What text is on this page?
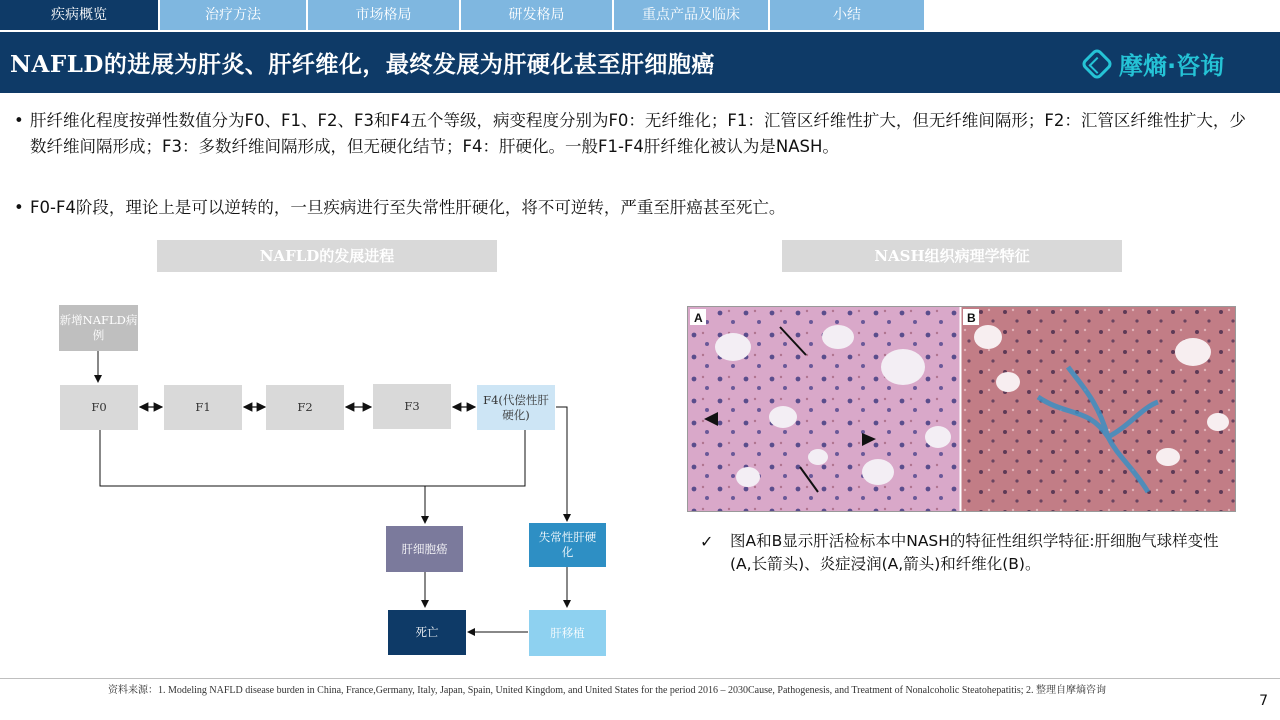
疾病概览	治疗方法	市场格局	研发格局	重点产品及临床	小结
NAFLD的进展为肝炎、肝纤维化，最终发展为肝硬化甚至肝细胞癌	摩熵·咨询
• 肝纤维化程度按弹性数值分为F0、F1、F2、F3和F4五个等级，病变程度分别为F0：无纤维化；F1：汇管区纤维性扩大，但无纤维间隔形；F2：汇管区纤维性扩大，少数纤维间隔形成；F3：多数纤维间隔形成，但无硬化结节；F4：肝硬化。一般F1-F4肝纤维化被认为是NASH。
• F0-F4阶段，理论上是可以逆转的，一旦疾病进行至失常性肝硬化，将不可逆转，严重至肝癌甚至死亡。
NAFLD的发展进程	NASH组织病理学特征
新增NAFLD病例
F0	F1	F2	F3	F4(代偿性肝硬化)
肝细胞癌
失常性肝硬化
死亡	肝移植
A	B
✓ 图A和B显示肝活检标本中NASH的特征性组织学特征:肝细胞气球样变性(A,长箭头)、炎症浸润(A,箭头)和纤维化(B)。
资料来源：1. Modeling NAFLD disease burden in China, France,Germany, Italy, Japan, Spain, United Kingdom, and United States for the period 2016 – 2030Cause, Pathogenesis, and Treatment of Nonalcoholic Steatohepatitis; 2. 整理自摩熵咨询
7
